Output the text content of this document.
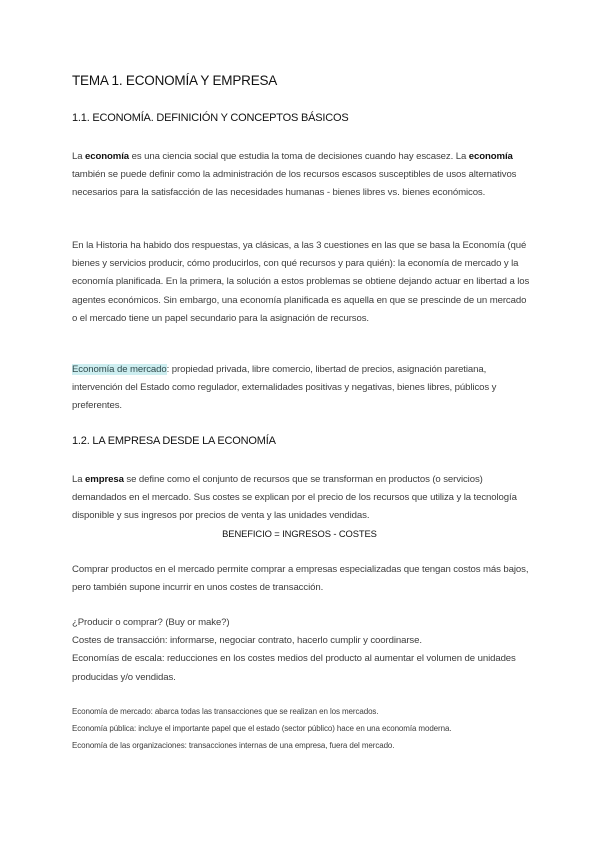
TEMA 1. ECONOMÍA Y EMPRESA
1.1. ECONOMÍA. DEFINICIÓN Y CONCEPTOS BÁSICOS
La economía es una ciencia social que estudia la toma de decisiones cuando hay escasez. La economía también se puede definir como la administración de los recursos escasos susceptibles de usos alternativos necesarios para la satisfacción de las necesidades humanas - bienes libres vs. bienes económicos.
En la Historia ha habido dos respuestas, ya clásicas, a las 3 cuestiones en las que se basa la Economía (qué bienes y servicios producir, cómo producirlos, con qué recursos y para quién): la economía de mercado y la economía planificada. En la primera, la solución a estos problemas se obtiene dejando actuar en libertad a los agentes económicos. Sin embargo, una economía planificada es aquella en que se prescinde de un mercado o el mercado tiene un papel secundario para la asignación de recursos.
Economía de mercado: propiedad privada, libre comercio, libertad de precios, asignación paretiana, intervención del Estado como regulador, externalidades positivas y negativas, bienes libres, públicos y preferentes.
1.2. LA EMPRESA DESDE LA ECONOMÍA
La empresa se define como el conjunto de recursos que se transforman en productos (o servicios) demandados en el mercado. Sus costes se explican por el precio de los recursos que utiliza y la tecnología disponible y sus ingresos por precios de venta y las unidades vendidas.
BENEFICIO = INGRESOS - COSTES
Comprar productos en el mercado permite comprar a empresas especializadas que tengan costos más bajos, pero también supone incurrir en unos costes de transacción.
¿Producir o comprar? (Buy or make?)
Costes de transacción: informarse, negociar contrato, hacerlo cumplir y coordinarse.
Economías de escala: reducciones en los costes medios del producto al aumentar el volumen de unidades producidas y/o vendidas.
Economía de mercado: abarca todas las transacciones que se realizan en los mercados.
Economía pública: incluye el importante papel que el estado (sector público) hace en una economía moderna.
Economía de las organizaciones: transacciones internas de una empresa, fuera del mercado.
